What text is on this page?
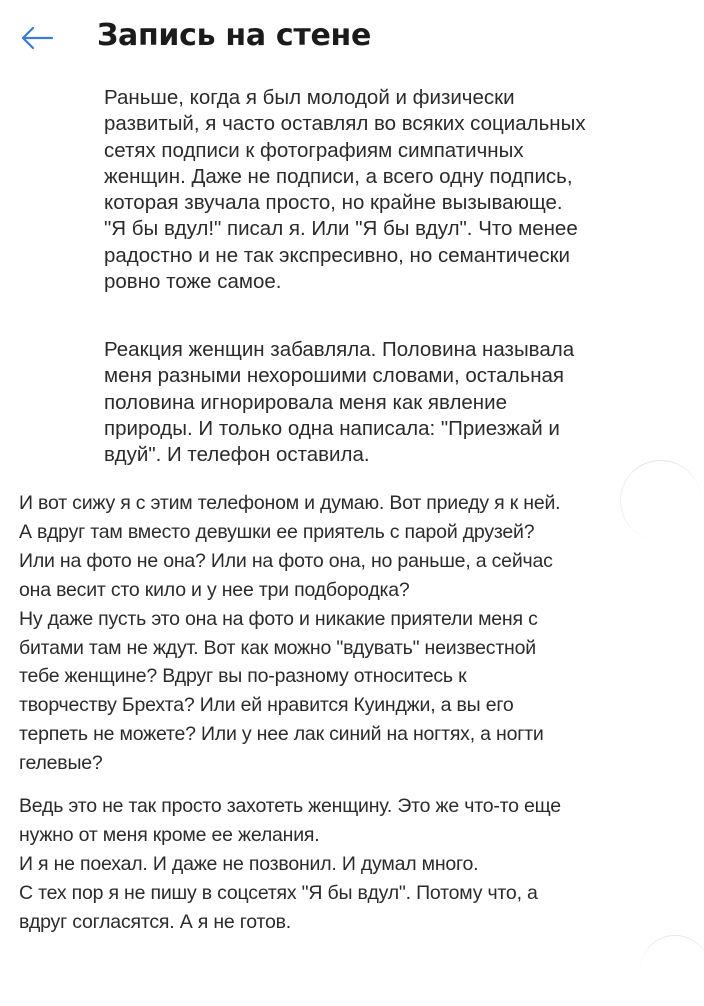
Запись на стене

Раньше, когда я был молодой и физически
развитый, я часто оставлял во всяких социальных
сетях подписи к фотографиям симпатичных
женщин. Даже не подписи, а всего одну подпись,
которая звучала просто, но крайне вызывающе.
"Я бы вдул!" писал я. Или "Я бы вдул". Что менее
радостно и не так экспресивно, но семантически
ровно тоже самое.

Реакция женщин забавляла. Половина называла
меня разными нехорошими словами, остальная
половина игнорировала меня как явление
природы. И только одна написала: "Приезжай и
вдуй". И телефон оставила.

И вот сижу я с этим телефоном и думаю. Вот приеду я к ней.
А вдруг там вместо девушки ее приятель с парой друзей?
Или на фото не она? Или на фото она, но раньше, а сейчас
она весит сто кило и у нее три подбородка?
Ну даже пусть это она на фото и никакие приятели меня с
битами там не ждут. Вот как можно "вдувать" неизвестной
тебе женщине? Вдруг вы по-разному относитесь к
творчеству Брехта? Или ей нравится Куинджи, а вы его
терпеть не можете? Или у нее лак синий на ногтях, а ногти
гелевые?

Ведь это не так просто захотеть женщину. Это же что-то еще
нужно от меня кроме ее желания.

И я не поехал. И даже не позвонил. И думал много.

С тех пор я не пишу в соцсетях "Я бы вдул". Потому что, а
вдруг согласятся. А я не готов.
